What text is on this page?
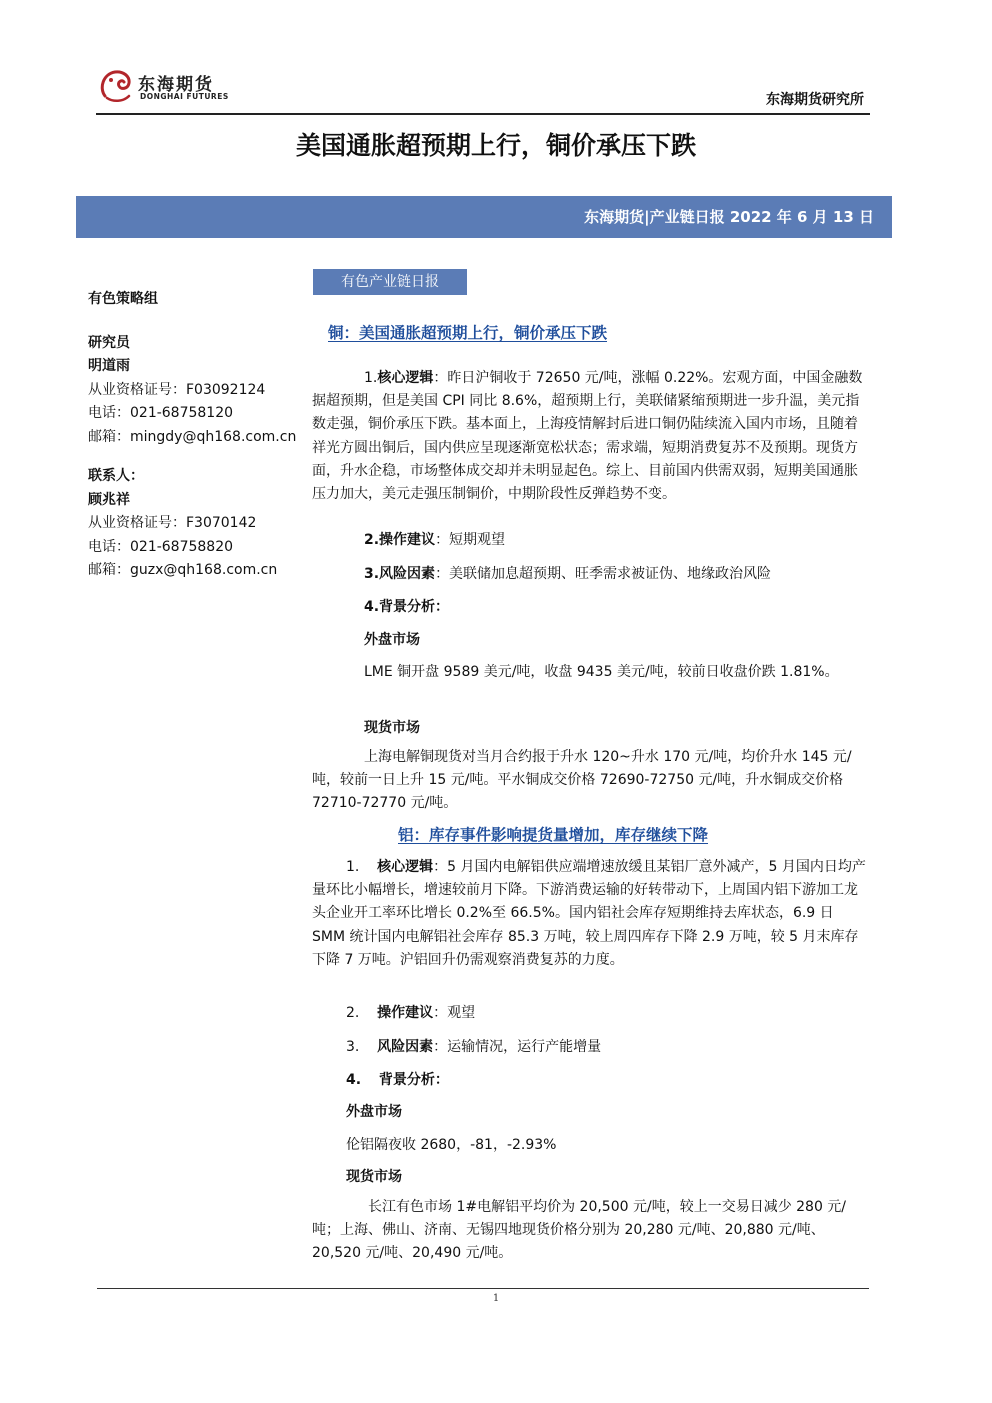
东海期货
DONGHAI FUTURES	东海期货研究所
美国通胀超预期上行，铜价承压下跌
东海期货|产业链日报 2022 年 6 月 13 日
有色策略组
研究员
明道雨
从业资格证号：F03092124
电话：021-68758120
邮箱：mingdy@qh168.com.cn
联系人：
顾兆祥
从业资格证号：F3070142
电话：021-68758820
邮箱：guzx@qh168.com.cn
有色产业链日报
铜：美国通胀超预期上行，铜价承压下跌
1.核心逻辑：昨日沪铜收于 72650 元/吨，涨幅 0.22%。宏观方面，中国金融数据超预期，但是美国 CPI 同比 8.6%，超预期上行，美联储紧缩预期进一步升温，美元指数走强，铜价承压下跌。基本面上，上海疫情解封后进口铜仍陆续流入国内市场，且随着祥光方圆出铜后，国内供应呈现逐渐宽松状态；需求端，短期消费复苏不及预期。现货方面，升水企稳，市场整体成交却并未明显起色。综上、目前国内供需双弱，短期美国通胀压力加大，美元走强压制铜价，中期阶段性反弹趋势不变。
2.操作建议：短期观望
3.风险因素：美联储加息超预期、旺季需求被证伪、地缘政治风险
4.背景分析：
外盘市场
LME 铜开盘 9589 美元/吨，收盘 9435 美元/吨，较前日收盘价跌 1.81%。
现货市场
上海电解铜现货对当月合约报于升水 120~升水 170 元/吨，均价升水 145 元/吨，较前一日上升 15 元/吨。平水铜成交价格 72690-72750 元/吨，升水铜成交价格 72710-72770 元/吨。
铝：库存事件影响提货量增加，库存继续下降
1. 核心逻辑：5 月国内电解铝供应端增速放缓且某铝厂意外减产，5 月国内日均产量环比小幅增长，增速较前月下降。下游消费运输的好转带动下，上周国内铝下游加工龙头企业开工率环比增长 0.2%至 66.5%。国内铝社会库存短期维持去库状态，6.9 日 SMM 统计国内电解铝社会库存 85.3 万吨，较上周四库存下降 2.9 万吨，较 5 月末库存下降 7 万吨。沪铝回升仍需观察消费复苏的力度。
2. 操作建议：观望
3. 风险因素：运输情况，运行产能增量
4. 背景分析：
外盘市场
伦铝隔夜收 2680，-81，-2.93%
现货市场
长江有色市场 1#电解铝平均价为 20,500 元/吨，较上一交易日减少 280 元/吨；上海、佛山、济南、无锡四地现货价格分别为 20,280 元/吨、20,880 元/吨、20,520 元/吨、20,490 元/吨。
1
